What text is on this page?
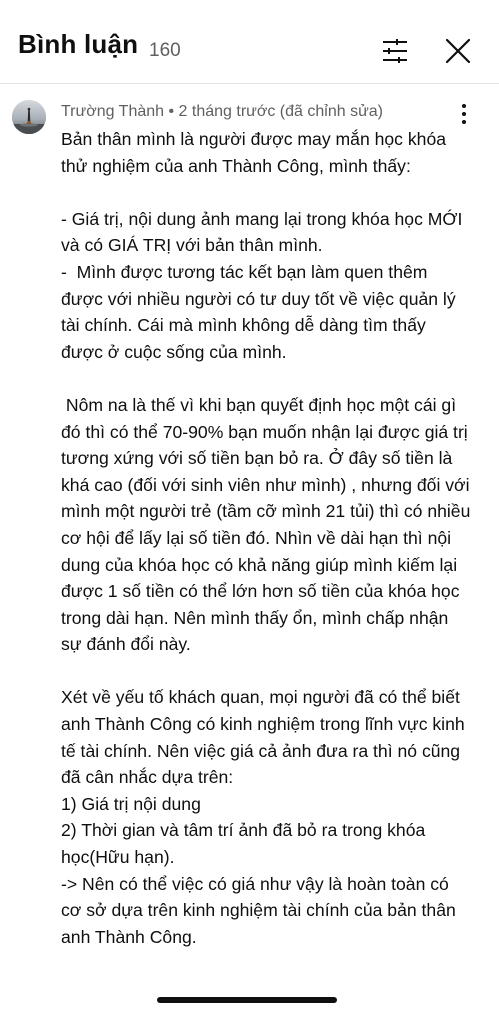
Bình luận 160
Trường Thành • 2 tháng trước (đã chỉnh sửa)

Bản thân mình là người được may mắn học khóa thử nghiệm của anh Thành Công, mình thấy:

- Giá trị, nội dung ảnh mang lại trong khóa học MỚI và có GIÁ TRỊ với bản thân mình.
-  Mình được tương tác kết bạn làm quen thêm được với nhiều người có tư duy tốt về việc quản lý tài chính. Cái mà mình không dễ dàng tìm thấy được ở cuộc sống của mình.

Nôm na là thế vì khi bạn quyết định học một cái gì đó thì có thể 70-90% bạn muốn nhận lại được giá trị tương xứng với số tiền bạn bỏ ra. Ở đây số tiền là khá cao (đối với sinh viên như mình) , nhưng đối với mình một người trẻ (tầm cỡ mình 21 tủi) thì có nhiều cơ hội để lấy lại số tiền đó. Nhìn về dài hạn thì nội dung của khóa học có khả năng giúp mình kiếm lại được 1 số tiền có thể lớn hơn số tiền của khóa học trong dài hạn. Nên mình thấy ổn, mình chấp nhận sự đánh đổi này.

Xét về yếu tố khách quan, mọi người đã có thể biết anh Thành Công có kinh nghiệm trong lĩnh vực kinh tế tài chính. Nên việc giá cả ảnh đưa ra thì nó cũng đã cân nhắc dựa trên:
1) Giá trị nội dung
2) Thời gian và tâm trí ảnh đã bỏ ra trong khóa học(Hữu hạn).
-> Nên có thể việc có giá như vậy là hoàn toàn có cơ sở dựa trên kinh nghiệm tài chính của bản thân anh Thành Công.
